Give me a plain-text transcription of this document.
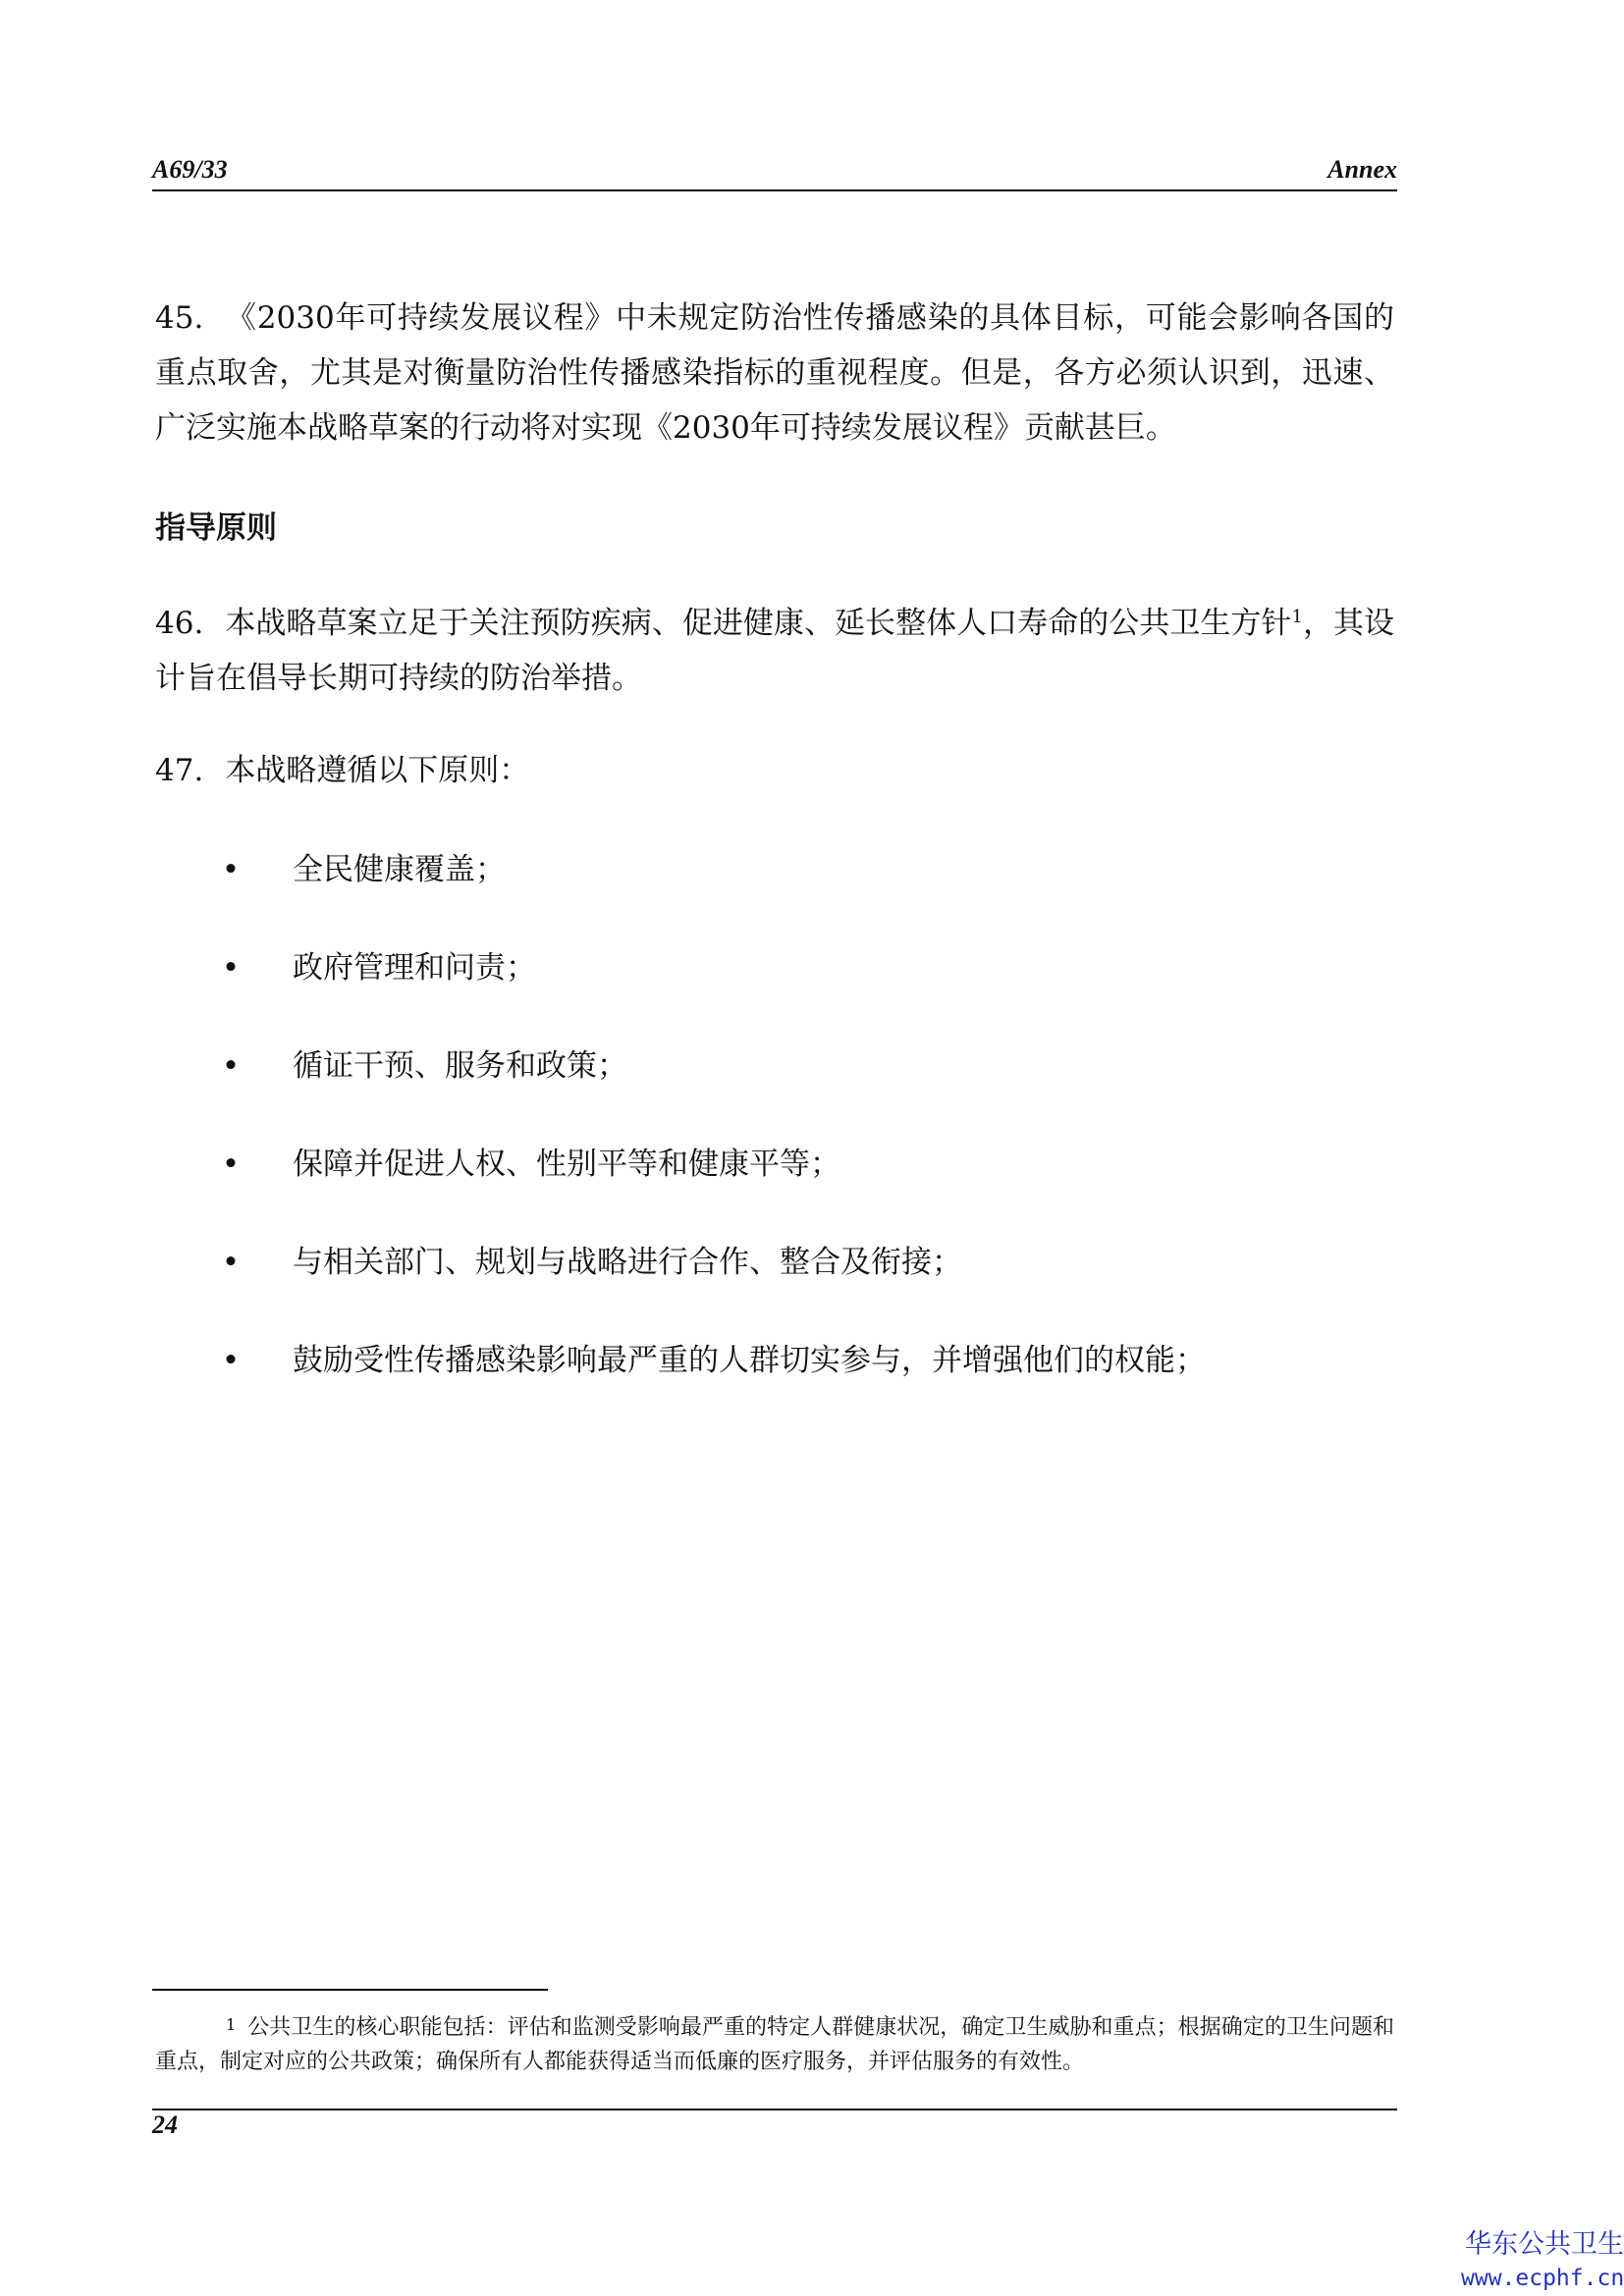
A69/33	Annex
45. 《2030年可持续发展议程》中未规定防治性传播感染的具体目标，可能会影响各国的重点取舍，尤其是对衡量防治性传播感染指标的重视程度。但是，各方必须认识到，迅速、广泛实施本战略草案的行动将对实现《2030年可持续发展议程》贡献甚巨。
指导原则
46. 本战略草案立足于关注预防疾病、促进健康、延长整体人口寿命的公共卫生方针$^1$，其设计旨在倡导长期可持续的防治举措。
47. 本战略遵循以下原则：
• 全民健康覆盖；
• 政府管理和问责；
• 循证干预、服务和政策；
• 保障并促进人权、性别平等和健康平等；
• 与相关部门、规划与战略进行合作、整合及衔接；
• 鼓励受性传播感染影响最严重的人群切实参与，并增强他们的权能；
$^1$ 公共卫生的核心职能包括：评估和监测受影响最严重的特定人群健康状况，确定卫生威胁和重点；根据确定的卫生问题和重点，制定对应的公共政策；确保所有人都能获得适当而低廉的医疗服务，并评估服务的有效性。
24
华东公共卫生
www.ecphf.cn
